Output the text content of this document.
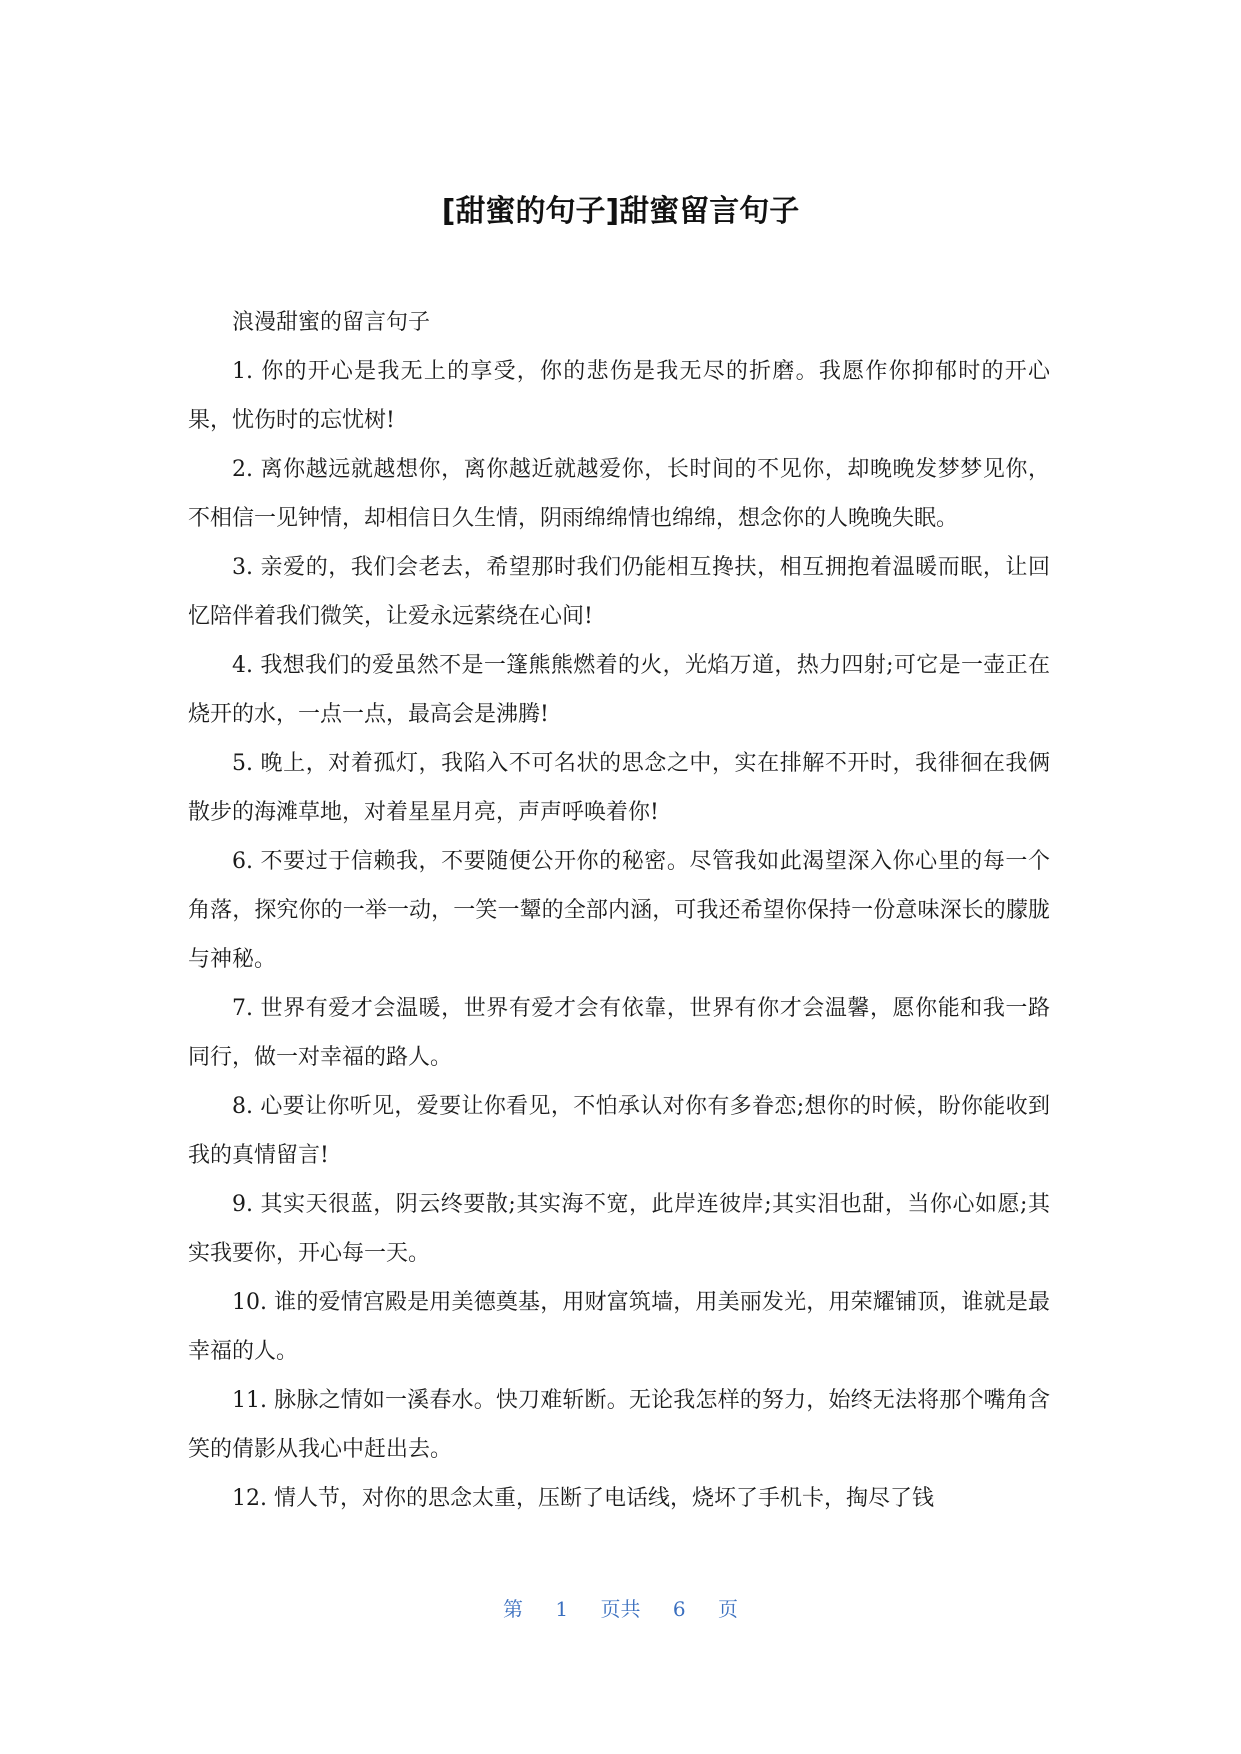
[甜蜜的句子]甜蜜留言句子

浪漫甜蜜的留言句子

1. 你的开心是我无上的享受，你的悲伤是我无尽的折磨。我愿作你抑郁时的开心果，忧伤时的忘忧树!

2. 离你越远就越想你，离你越近就越爱你，长时间的不见你，却晚晚发梦梦见你，不相信一见钟情，却相信日久生情，阴雨绵绵情也绵绵，想念你的人晚晚失眠。

3. 亲爱的，我们会老去，希望那时我们仍能相互搀扶，相互拥抱着温暖而眠，让回忆陪伴着我们微笑，让爱永远萦绕在心间!

4. 我想我们的爱虽然不是一篷熊熊燃着的火，光焰万道，热力四射;可它是一壶正在烧开的水，一点一点，最高会是沸腾!

5. 晚上，对着孤灯，我陷入不可名状的思念之中，实在排解不开时，我徘徊在我俩散步的海滩草地，对着星星月亮，声声呼唤着你!

6. 不要过于信赖我，不要随便公开你的秘密。尽管我如此渴望深入你心里的每一个角落，探究你的一举一动，一笑一颦的全部内涵，可我还希望你保持一份意味深长的朦胧与神秘。

7. 世界有爱才会温暖，世界有爱才会有依靠，世界有你才会温馨，愿你能和我一路同行，做一对幸福的路人。

8. 心要让你听见，爱要让你看见，不怕承认对你有多眷恋;想你的时候，盼你能收到我的真情留言!

9. 其实天很蓝，阴云终要散;其实海不宽，此岸连彼岸;其实泪也甜，当你心如愿;其实我要你，开心每一天。

10. 谁的爱情宫殿是用美德奠基，用财富筑墙，用美丽发光，用荣耀铺顶，谁就是最幸福的人。

11. 脉脉之情如一溪春水。快刀难斩断。无论我怎样的努力，始终无法将那个嘴角含笑的倩影从我心中赶出去。

12. 情人节，对你的思念太重，压断了电话线，烧坏了手机卡，掏尽了钱

第 1 页共 6 页
